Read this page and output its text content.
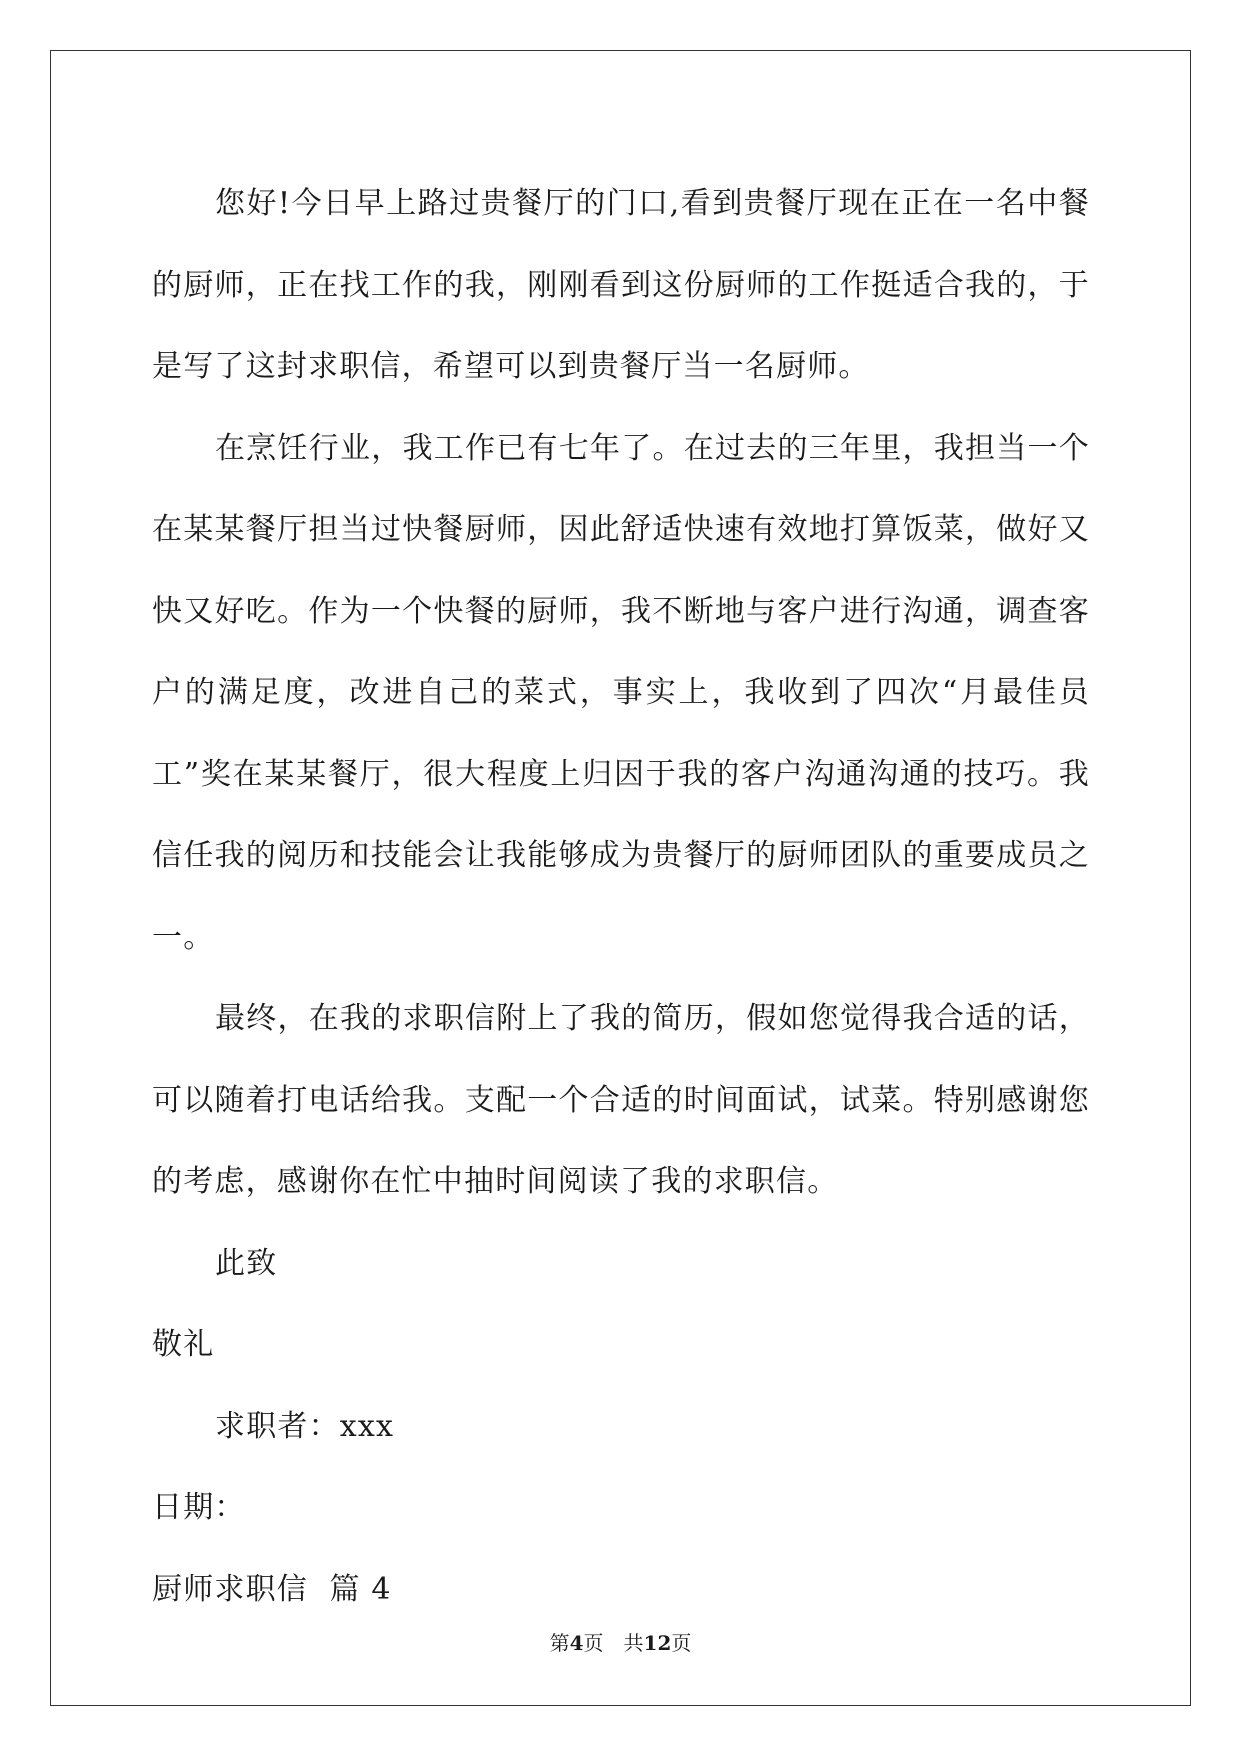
您好!今日早上路过贵餐厅的门口,看到贵餐厅现在正在一名中餐的厨师，正在找工作的我，刚刚看到这份厨师的工作挺适合我的，于是写了这封求职信，希望可以到贵餐厅当一名厨师。

在烹饪行业，我工作已有七年了。在过去的三年里，我担当一个在某某餐厅担当过快餐厨师，因此舒适快速有效地打算饭菜，做好又快又好吃。作为一个快餐的厨师，我不断地与客户进行沟通，调查客户的满足度，改进自己的菜式，事实上，我收到了四次“月最佳员工”奖在某某餐厅，很大程度上归因于我的客户沟通沟通的技巧。我信任我的阅历和技能会让我能够成为贵餐厅的厨师团队的重要成员之一。

最终，在我的求职信附上了我的简历，假如您觉得我合适的话，可以随着打电话给我。支配一个合适的时间面试，试菜。特别感谢您的考虑，感谢你在忙中抽时间阅读了我的求职信。

此致

敬礼

求职者：xxx

日期：

厨师求职信  篇 4

第4页 共12页
